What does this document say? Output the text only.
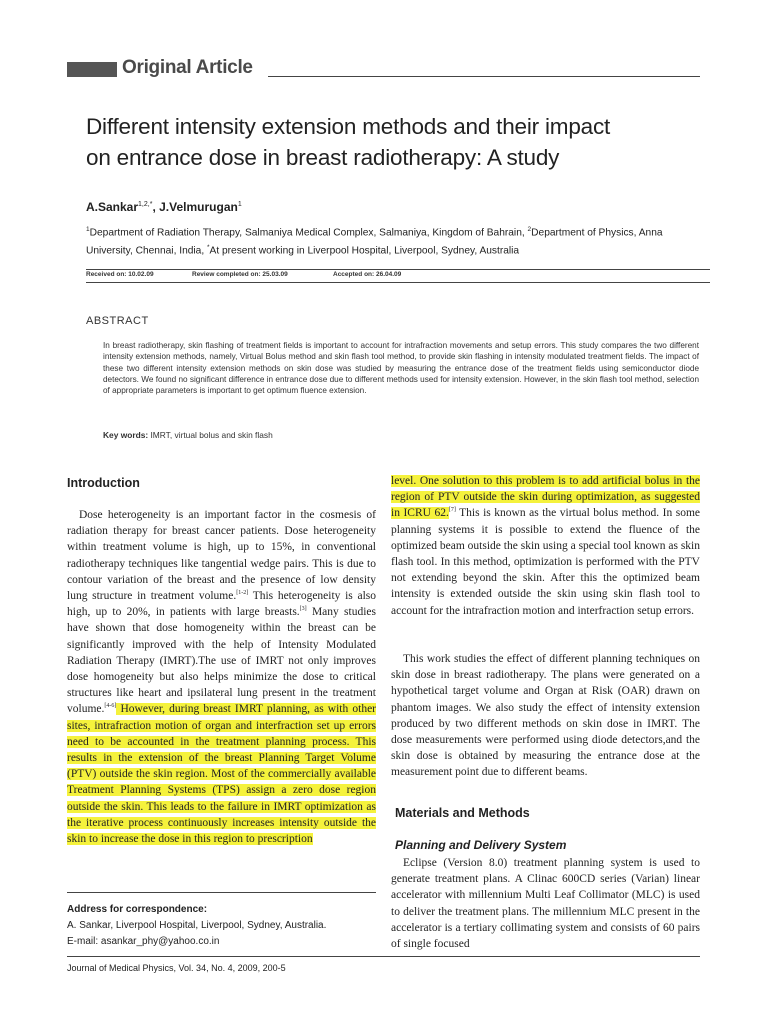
Original Article
Different intensity extension methods and their impact
on entrance dose in breast radiotherapy: A study
A.Sankar$^{1,2,*}$, J.Velmurugan$^1$
$^1$Department of Radiation Therapy, Salmaniya Medical Complex, Salmaniya, Kingdom of Bahrain, $^2$Department of Physics, Anna University, Chennai, India, *At present working in Liverpool Hospital, Liverpool, Sydney, Australia
Received on: 10.02.09	Review completed on: 25.03.09	Accepted on: 26.04.09
ABSTRACT
In breast radiotherapy, skin flashing of treatment fields is important to account for intrafraction movements and setup errors. This study compares the two different intensity extension methods, namely, Virtual Bolus method and skin flash tool method, to provide skin flashing in intensity modulated treatment fields. The impact of these two different intensity extension methods on skin dose was studied by measuring the entrance dose of the treatment fields using semiconductor diode detectors. We found no significant difference in entrance dose due to different methods used for intensity extension. However, in the skin flash tool method, selection of appropriate parameters is important to get optimum fluence extension.
Key words: IMRT, virtual bolus and skin flash
Introduction
Dose heterogeneity is an important factor in the cosmesis of radiation therapy for breast cancer patients. Dose heterogeneity within treatment volume is high, up to 15%, in conventional radiotherapy techniques like tangential wedge pairs. This is due to contour variation of the breast and the presence of low density lung structure in treatment volume.[1-2] This heterogeneity is also high, up to 20%, in patients with large breasts.[3] Many studies have shown that dose homogeneity within the breast can be significantly improved with the help of Intensity Modulated Radiation Therapy (IMRT).The use of IMRT not only improves dose homogeneity but also helps minimize the dose to critical structures like heart and ipsilateral lung present in the treatment volume.[4-6] However, during breast IMRT planning, as with other sites, intrafraction motion of organ and interfraction set up errors need to be accounted in the treatment planning process. This results in the extension of the breast Planning Target Volume (PTV) outside the skin region. Most of the commercially available Treatment Planning Systems (TPS) assign a zero dose region outside the skin. This leads to the failure in IMRT optimization as the iterative process continuously increases intensity outside the skin to increase the dose in this region to prescription
Address for correspondence:
A. Sankar, Liverpool Hospital, Liverpool, Sydney, Australia.
E-mail: asankar_phy@yahoo.co.in
level. One solution to this problem is to add artificial bolus in the region of PTV outside the skin during optimization, as suggested in ICRU 62.[7] This is known as the virtual bolus method. In some planning systems it is possible to extend the fluence of the optimized beam outside the skin using a special tool known as skin flash tool. In this method, optimization is performed with the PTV not extending beyond the skin. After this the optimized beam intensity is extended outside the skin using skin flash tool to account for the intrafraction motion and interfraction setup errors.
This work studies the effect of different planning techniques on skin dose in breast radiotherapy. The plans were generated on a hypothetical target volume and Organ at Risk (OAR) drawn on phantom images. We also study the effect of intensity extension produced by two different methods on skin dose in IMRT. The dose measurements were performed using diode detectors,and the skin dose is obtained by measuring the entrance dose at the measurement point due to different beams.
Materials and Methods
Planning and Delivery System
Eclipse (Version 8.0) treatment planning system is used to generate treatment plans. A Clinac 600CD series (Varian) linear accelerator with millennium Multi Leaf Collimator (MLC) is used to deliver the treatment plans. The millennium MLC present in the accelerator is a tertiary collimating system and consists of 60 pairs of single focused
Journal of Medical Physics, Vol. 34, No. 4, 2009, 200-5
